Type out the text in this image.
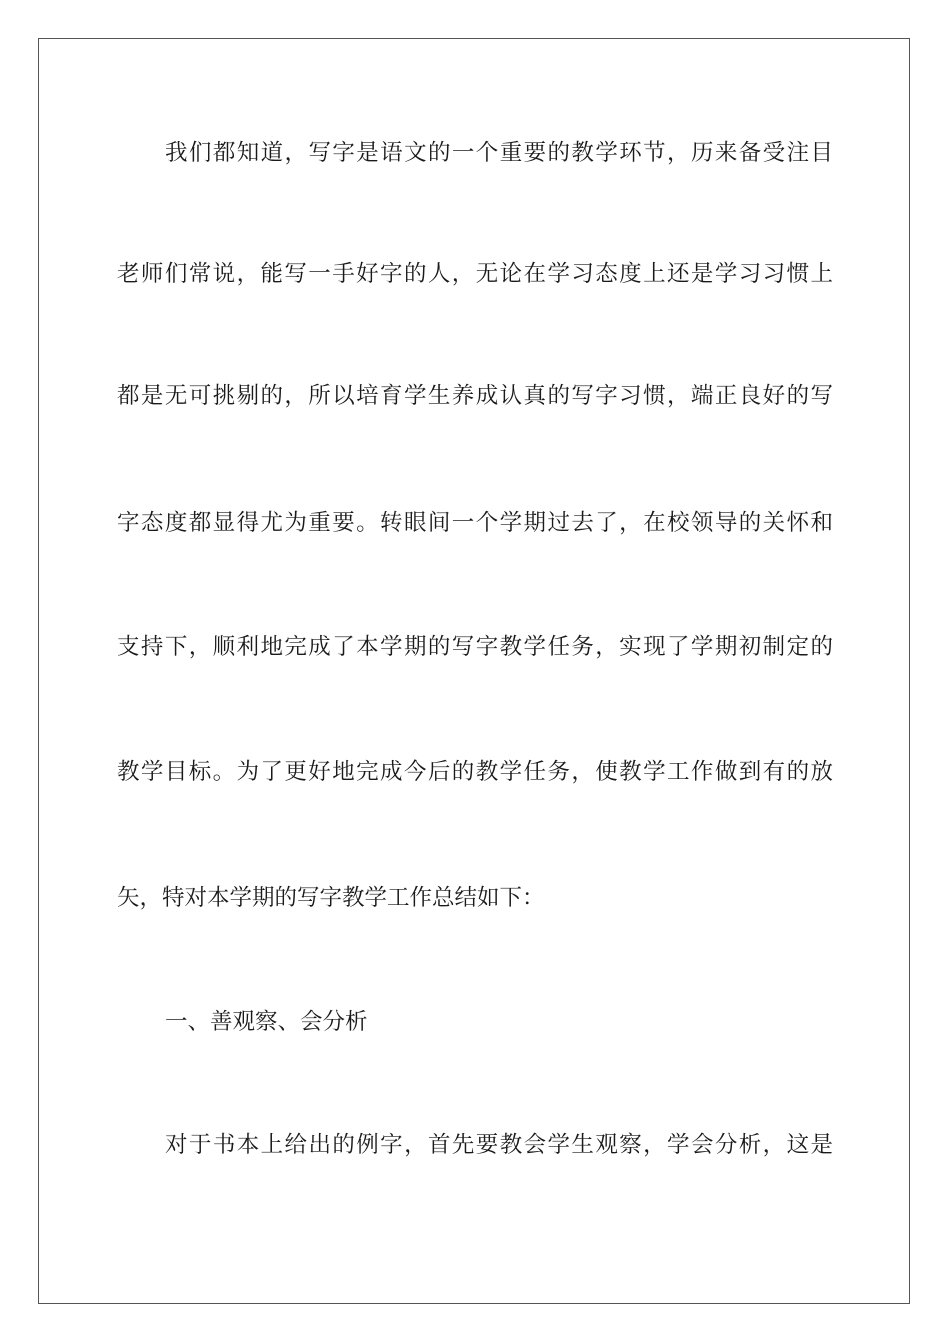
我们都知道，写字是语文的一个重要的教学环节，历来备受注目
老师们常说，能写一手好字的人，无论在学习态度上还是学习习惯上
都是无可挑剔的，所以培育学生养成认真的写字习惯，端正良好的写
字态度都显得尤为重要。转眼间一个学期过去了，在校领导的关怀和
支持下，顺利地完成了本学期的写字教学任务，实现了学期初制定的
教学目标。为了更好地完成今后的教学任务，使教学工作做到有的放
矢，特对本学期的写字教学工作总结如下：
一、善观察、会分析
对于书本上给出的例字，首先要教会学生观察，学会分析，这是
